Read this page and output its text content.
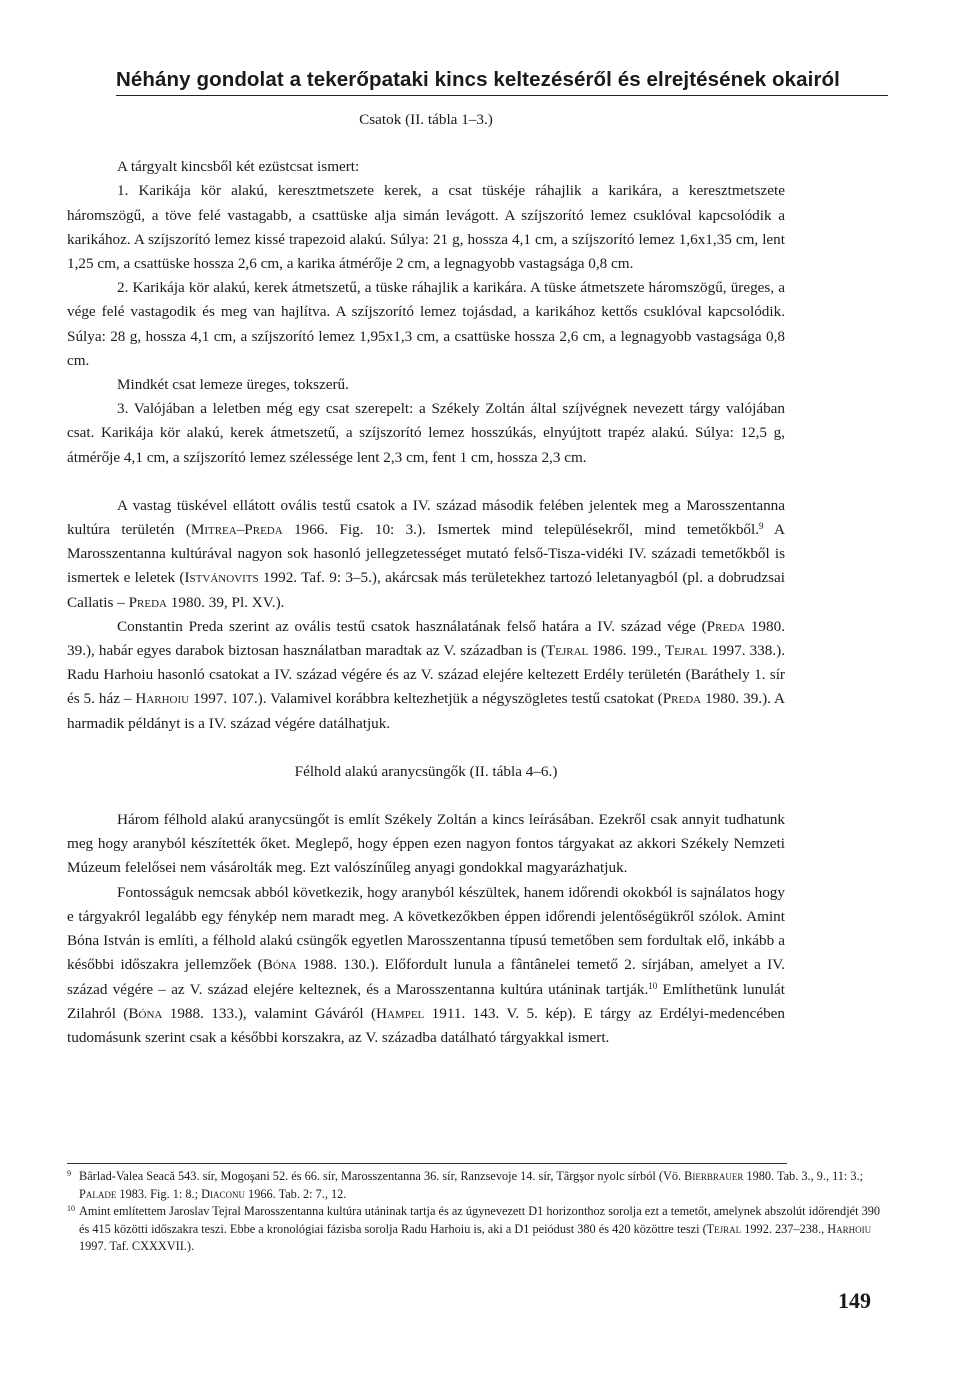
Néhány gondolat a tekerőpataki kincs keltezéséről és elrejtésének okairól

Csatok (II. tábla 1–3.)

A tárgyalt kincsből két ezüstcsat ismert:

1. Karikája kör alakú, keresztmetszete kerek, a csat tüskéje ráhajlik a karikára, a keresztmetszete háromszögű, a töve felé vastagabb, a csattüske alja simán levágott. A szíjszorító lemez csuklóval kapcsolódik a karikához. A szíjszorító lemez kissé trapezoid alakú. Súlya: 21 g, hossza 4,1 cm, a szíjszorító lemez 1,6x1,35 cm, lent 1,25 cm, a csattüske hossza 2,6 cm, a karika átmérője 2 cm, a legnagyobb vastagsága 0,8 cm.

2. Karikája kör alakú, kerek átmetszetű, a tüske ráhajlik a karikára. A tüske átmetszete háromszögű, üreges, a vége felé vastagodik és meg van hajlítva. A szíjszorító lemez tojásdad, a karikához kettős csuklóval kapcsolódik. Súlya: 28 g, hossza 4,1 cm, a szíjszorító lemez 1,95x1,3 cm, a csattüske hossza 2,6 cm, a legnagyobb vastagsága 0,8 cm.

Mindkét csat lemeze üreges, tokszerű.

3. Valójában a leletben még egy csat szerepelt: a Székely Zoltán által szíjvégnek nevezett tárgy valójában csat. Karikája kör alakú, kerek átmetszetű, a szíjszorító lemez hosszúkás, elnyújtott trapéz alakú. Súlya: 12,5 g, átmérője 4,1 cm, a szíjszorító lemez szélessége lent 2,3 cm, fent 1 cm, hossza 2,3 cm.

A vastag tüskével ellátott ovális testű csatok a IV. század második felében jelentek meg a Marosszentanna kultúra területén (Mitrea–Preda 1966. Fig. 10: 3.). Ismertek mind településekről, mind temetőkből.$^9$ A Marosszentanna kultúrával nagyon sok hasonló jellegzetességet mutató felső-Tisza-vidéki IV. századi temetőkből is ismertek e leletek (Istvánovits 1992. Taf. 9: 3–5.), akárcsak más területekhez tartozó leletanyagból (pl. a dobrudzsai Callatis – Preda 1980. 39, Pl. XV.).

Constantin Preda szerint az ovális testű csatok használatának felső határa a IV. század vége (Preda 1980. 39.), habár egyes darabok biztosan használatban maradtak az V. században is (Tejral 1986. 199., Tejral 1997. 338.). Radu Harhoiu hasonló csatokat a IV. század végére és az V. század elejére keltezett Erdély területén (Baráthely 1. sír és 5. ház – Harhoiu 1997. 107.). Valamivel korábbra keltezhetjük a négyszögletes testű csatokat (Preda 1980. 39.). A harmadik példányt is a IV. század végére datálhatjuk.

Félhold alakú aranycsüngők (II. tábla 4–6.)

Három félhold alakú aranycsüngőt is említ Székely Zoltán a kincs leírásában. Ezekről csak annyit tudhatunk meg hogy aranyból készítették őket. Meglepő, hogy éppen ezen nagyon fontos tárgyakat az akkori Székely Nemzeti Múzeum felelősei nem vásárolták meg. Ezt valószínűleg anyagi gondokkal magyarázhatjuk.

Fontosságuk nemcsak abból következik, hogy aranyból készültek, hanem időrendi okokból is sajnálatos hogy e tárgyakról legalább egy fénykép nem maradt meg. A következőkben éppen időrendi jelentőségükről szólok. Amint Bóna István is említi, a félhold alakú csüngők egyetlen Marosszentanna típusú temetőben sem fordultak elő, inkább a későbbi időszakra jellemzőek (Bóna 1988. 130.). Előfordult lunula a fântânelei temető 2. sírjában, amelyet a IV. század végére – az V. század elejére kelteznek, és a Marosszentanna kultúra utáninak tartják.$^{10}$ Említhetünk lunulát Zilahról (Bóna 1988. 133.), valamint Gáváról (Hampel 1911. 143. V. 5. kép). E tárgy az Erdélyi-medencében tudomásunk szerint csak a későbbi korszakra, az V. századba datálható tárgyakkal ismert.

9 Bârlad-Valea Seacă 543. sír, Mogoşani 52. és 66. sír, Marosszentanna 36. sír, Ranzsevoje 14. sír, Târgşor nyolc sírból (Vö. Bierbrauer 1980. Tab. 3., 9., 11: 3.; Palade 1983. Fig. 1: 8.; Diaconu 1966. Tab. 2: 7., 12.

10 Amint említettem Jaroslav Tejral Marosszentanna kultúra utáninak tartja és az úgynevezett D1 horizonthoz sorolja ezt a temetőt, amelynek abszolút időrendjét 390 és 415 közötti időszakra teszi. Ebbe a kronológiai fázisba sorolja Radu Harhoiu is, aki a D1 peiódust 380 és 420 közöttre teszi (Tejral 1992. 237–238., Harhoiu 1997. Taf. CXXXVII.).

149
